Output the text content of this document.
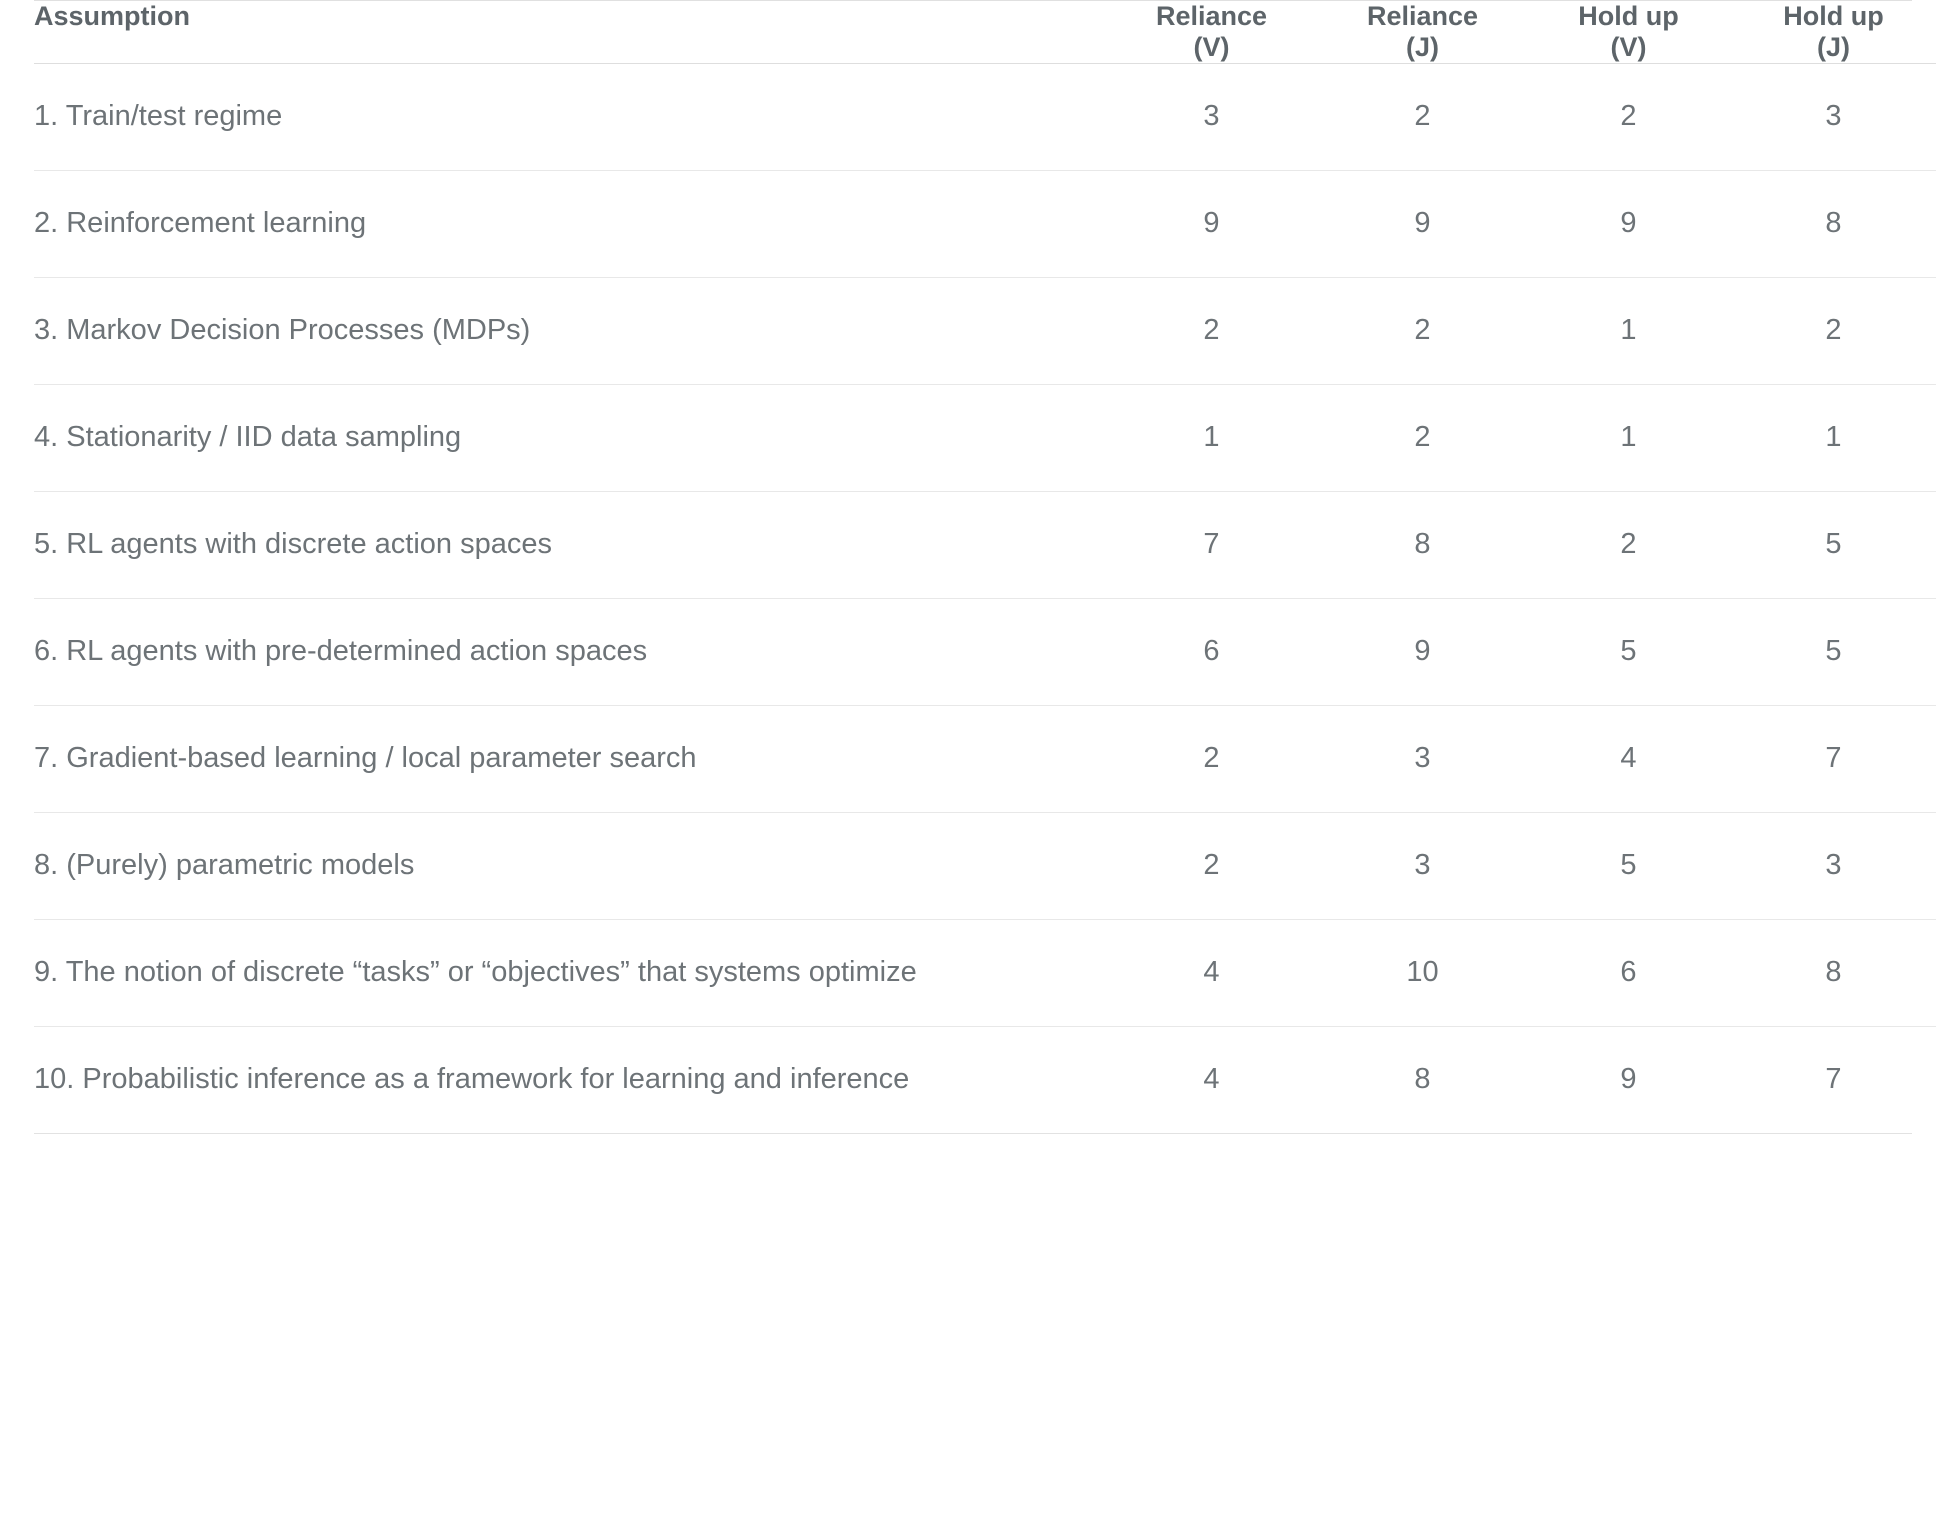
Assumption	Reliance	Reliance	Hold up	Hold up
	(V)	(J)	(V)	(J)
1. Train/test regime	3	2	2	3
2. Reinforcement learning	9	9	9	8
3. Markov Decision Processes (MDPs)	2	2	1	2
4. Stationarity / IID data sampling	1	2	1	1
5. RL agents with discrete action spaces	7	8	2	5
6. RL agents with pre-determined action spaces	6	9	5	5
7. Gradient-based learning / local parameter search	2	3	4	7
8. (Purely) parametric models	2	3	5	3
9. The notion of discrete “tasks” or “objectives” that systems optimize	4	10	6	8
10. Probabilistic inference as a framework for learning and inference	4	8	9	7
